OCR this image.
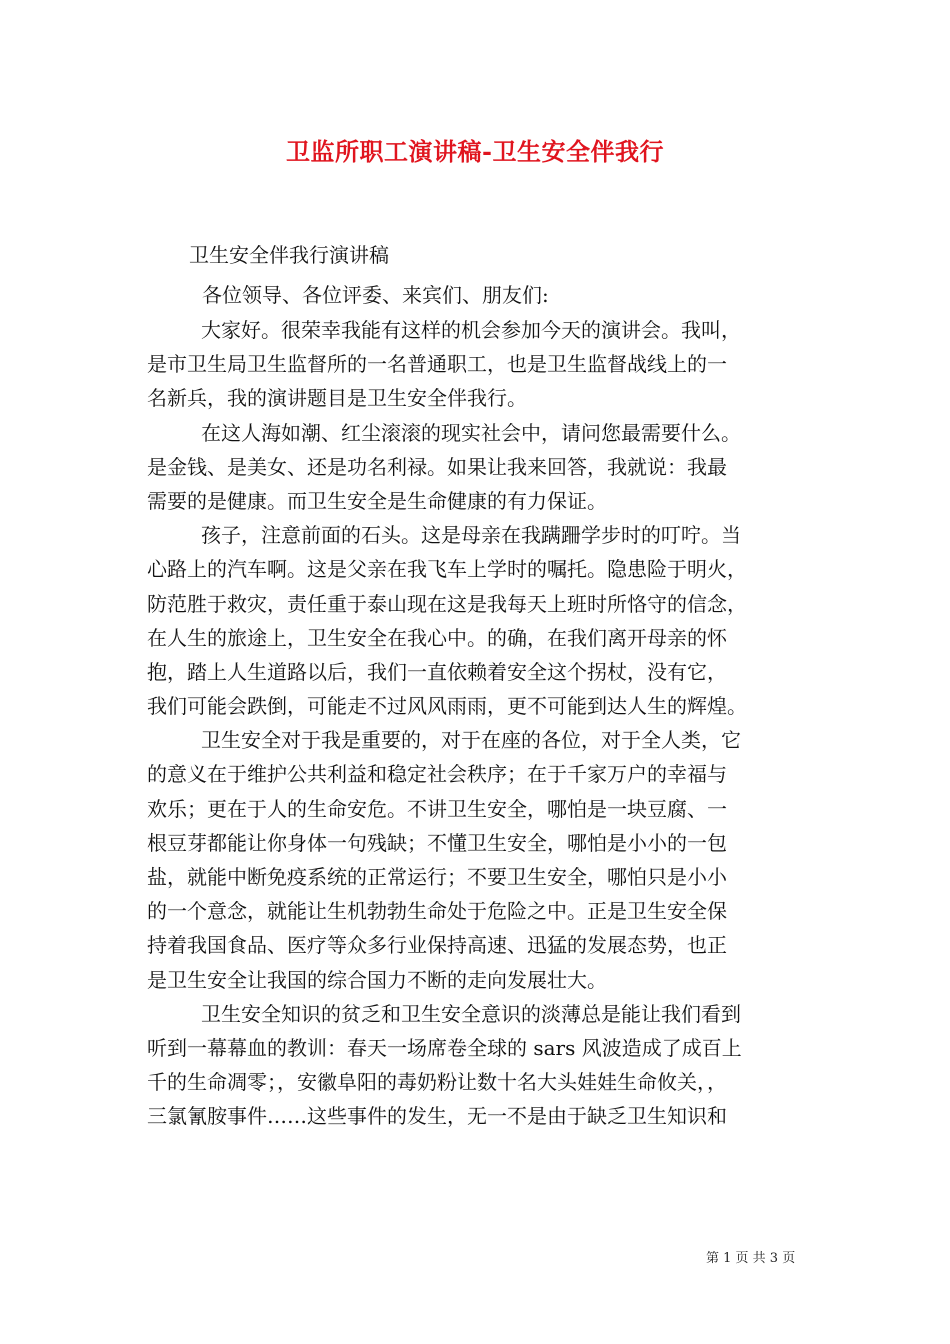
卫监所职工演讲稿-卫生安全伴我行
卫生安全伴我行演讲稿
各位领导、各位评委、来宾们、朋友们:
大家好。很荣幸我能有这样的机会参加今天的演讲会。我叫，
是市卫生局卫生监督所的一名普通职工，也是卫生监督战线上的一
名新兵，我的演讲题目是卫生安全伴我行。
在这人海如潮、红尘滚滚的现实社会中，请问您最需要什么。
是金钱、是美女、还是功名利禄。如果让我来回答，我就说：我最
需要的是健康。而卫生安全是生命健康的有力保证。
孩子，注意前面的石头。这是母亲在我蹒跚学步时的叮咛。当
心路上的汽车啊。这是父亲在我飞车上学时的嘱托。隐患险于明火，
防范胜于救灾，责任重于泰山现在这是我每天上班时所恪守的信念，
在人生的旅途上，卫生安全在我心中。的确，在我们离开母亲的怀
抱，踏上人生道路以后，我们一直依赖着安全这个拐杖，没有它，
我们可能会跌倒，可能走不过风风雨雨，更不可能到达人生的辉煌。
卫生安全对于我是重要的，对于在座的各位，对于全人类，它
的意义在于维护公共利益和稳定社会秩序；在于千家万户的幸福与
欢乐；更在于人的生命安危。不讲卫生安全，哪怕是一块豆腐、一
根豆芽都能让你身体一句残缺；不懂卫生安全，哪怕是小小的一包
盐，就能中断免疫系统的正常运行；不要卫生安全，哪怕只是小小
的一个意念，就能让生机勃勃生命处于危险之中。正是卫生安全保
持着我国食品、医疗等众多行业保持高速、迅猛的发展态势，也正
是卫生安全让我国的综合国力不断的走向发展壮大。
卫生安全知识的贫乏和卫生安全意识的淡薄总是能让我们看到
听到一幕幕血的教训：春天一场席卷全球的 sars 风波造成了成百上
千的生命凋零；，安徽阜阳的毒奶粉让数十名大头娃娃生命攸关，，
三氯氰胺事件……这些事件的发生，无一不是由于缺乏卫生知识和
第 1 页 共 3 页
